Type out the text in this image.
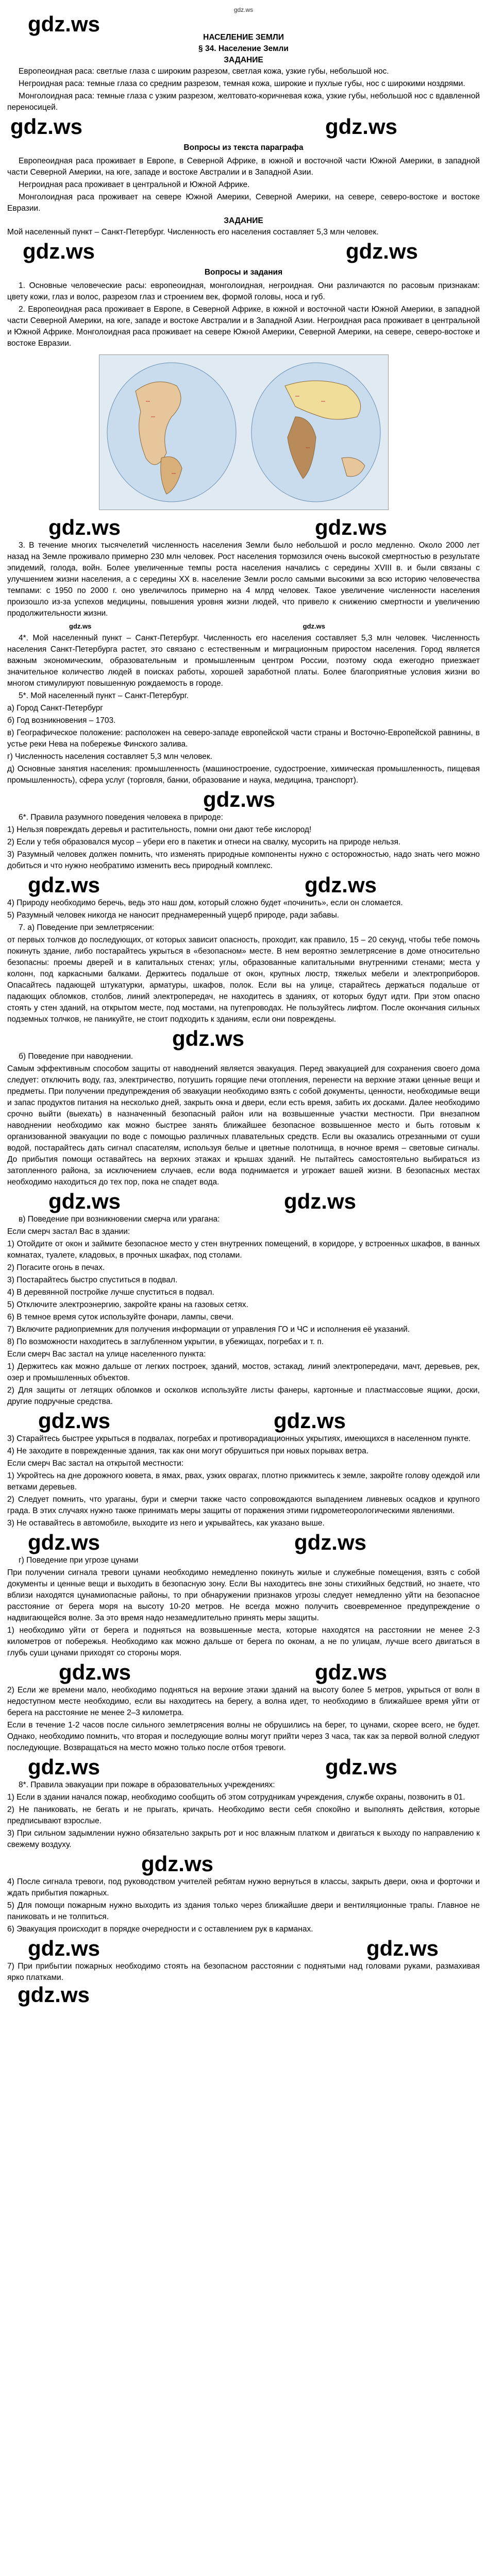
gdz.ws
gdz.ws
НАСЕЛЕНИЕ ЗЕМЛИ
§ 34. Население Земли
ЗАДАНИЕ

Европеоидная раса: светлые глаза с широким разрезом, светлая кожа, узкие губы, небольшой нос.

Негроидная раса: темные глаза со средним разрезом, темная кожа, широкие и пухлые губы, нос с широкими ноздрями.

Монголоидная раса: темные глаза с узким разрезом, желтовато-коричневая кожа, узкие губы, небольшой нос с вдавленной переносицей.

gdz.ws	gdz.ws
Вопросы из текста параграфа

Европеоидная раса проживает в Европе, в Северной Африке, в южной и восточной части Южной Америки, в западной части Северной Америки, на юге, западе и востоке Австралии и в Западной Азии.

Негроидная раса проживает в центральной и Южной Африке.

Монголоидная раса проживает на севере Южной Америки, Северной Америки, на севере, северо-востоке и востоке Евразии.

ЗАДАНИЕ

Мой населенный пункт – Санкт-Петербург. Численность его населения составляет 5,3 млн человек.

gdz.ws	gdz.ws
Вопросы и задания

1. Основные человеческие расы: европеоидная, монголоидная, негроидная. Они различаются по расовым признакам: цвету кожи, глаз и волос, разрезом глаз и строением век, формой головы, носа и губ.

2. Европеоидная раса проживает в Европе, в Северной Африке, в южной и восточной части Южной Америки, в западной части Северной Америки, на юге, западе и востоке Австралии и в Западной Азии. Негроидная раса проживает в центральной и Южной Африке. Монголоидная раса проживает на севере Южной Америки, Северной Америки, на севере, северо-востоке и востоке Евразии.

gdz.ws	gdz.ws

3. В течение многих тысячелетий численность населения Земли было небольшой и росло медленно. Около 2000 лет назад на Земле проживало примерно 230 млн человек. Рост населения тормозился очень высокой смертностью в результате эпидемий, голода, войн. Более увеличенные темпы роста населения начались с середины XVIII в. и были связаны с улучшением жизни населения, а с середины XX в. население Земли росло самыми высокими за всю историю человечества темпами: с 1950 по 2000 г. оно увеличилось примерно на 4 млрд человек. Такое увеличение численности населения произошло из-за успехов медицины, повышения уровня жизни людей, что привело к снижению смертности и увеличению продолжительности жизни.

gdz.ws	gdz.ws

4*. Мой населенный пункт – Санкт-Петербург. Численность его населения составляет 5,3 млн человек. Численность населения Санкт-Петербурга растет, это связано с естественным и миграционным приростом населения. Город является важным экономическим, образовательным и промышленным центром России, поэтому сюда ежегодно приезжает значительное количество людей в поисках работы, хорошей заработной платы. Более благоприятные условия жизни во многом стимулируют повышенную рождаемость в городе.

5*. Мой населенный пункт – Санкт-Петербург.

а) Город Санкт-Петербург
б) Год возникновения – 1703.
в) Географическое положение: расположен на северо-западе европейской части страны и Восточно-Европейской равнины, в устье реки Нева на побережье Финского залива.
г) Численность населения составляет 5,3 млн человек.
д) Основные занятия населения: промышленность (машиностроение, судостроение, химическая промышленность, пищевая промышленность), сфера услуг (торговля, банки, образование и наука, медицина, транспорт).
gdz.ws

6*. Правила разумного поведения человека в природе:

1) Нельзя повреждать деревья и растительность, помни они дают тебе кислород!
2) Если у тебя образовался мусор – убери его в пакетик и отнеси на свалку, мусорить на природе нельзя.
3) Разумный человек должен помнить, что изменять природные компоненты нужно с осторожностью, надо знать чего можно добиться и что нужно необратимо изменить весь природный комплекс.
gdz.ws	gdz.ws
4) Природу необходимо беречь, ведь это наш дом, который сложно будет «починить», если он сломается.
5) Разумный человек никогда не наносит преднамеренный ущерб природе, ради забавы.

7. а) Поведение при землетрясении:

от первых толчков до последующих, от которых зависит опасность, проходит, как правило, 15 – 20 секунд, чтобы тебе помочь покинуть здание, либо постарайтесь укрыться в «безопасном» месте. В нем вероятно землетрясение в доме относительно безопасны: проемы дверей и в капитальных стенах; углы, образованные капитальными внутренними стенами; места у колонн, под каркасными балками. Держитесь подальше от окон, крупных люстр, тяжелых мебели и электроприборов. Опасайтесь падающей штукатурки, арматуры, шкафов, полок. Если вы на улице, старайтесь держаться подальше от падающих обломков, столбов, линий электропередач, не находитесь в зданиях, от которых будут идти. При этом опасно стоять у стен зданий, на открытом месте, под мостами, на путепроводах. Не пользуйтесь лифтом. После окончания сильных подземных толчков, не паникуйте, не стоит подходить к зданиям, если они повреждены.

gdz.ws

б) Поведение при наводнении.

Самым эффективным способом защиты от наводнений является эвакуация. Перед эвакуацией для сохранения своего дома следует: отключить воду, газ, электричество, потушить горящие печи отопления, перенести на верхние этажи ценные вещи и предметы. При получении предупреждения об эвакуации необходимо взять с собой документы, ценности, необходимые вещи и запас продуктов питания на несколько дней, закрыть окна и двери, если есть время, забить их досками. Далее необходимо срочно выйти (выехать) в назначенный безопасный район или на возвышенные участки местности. При внезапном наводнении необходимо как можно быстрее занять ближайшее безопасное возвышенное место и быть готовым к организованной эвакуации по воде с помощью различных плавательных средств. Если вы оказались отрезанными от суши водой, постарайтесь дать сигнал спасателям, используя белые и цветные полотнища, в ночное время – световые сигналы. До прибытия помощи оставайтесь на верхних этажах и крышах зданий. Не пытайтесь самостоятельно выбираться из затопленного района, за исключением случаев, если вода поднимается и угрожает вашей жизни. В безопасных местах необходимо находиться до тех пор, пока не спадет вода.

gdz.ws	gdz.ws

в) Поведение при возникновении смерча или урагана:

Если смерч застал Вас в здании:

1) Отойдите от окон и займите безопасное место у стен внутренних помещений, в коридоре, у встроенных шкафов, в ванных комнатах, туалете, кладовых, в прочных шкафах, под столами.
2) Погасите огонь в печах.
3) Постарайтесь быстро спуститься в подвал.
4) В деревянной постройке лучше спуститься в подвал.
5) Отключите электроэнергию, закройте краны на газовых сетях.
6) В темное время суток используйте фонари, лампы, свечи.
7) Включите радиоприемник для получения информации от управления ГО и ЧС и исполнения её указаний.
8) По возможности находитесь в заглубленном укрытии, в убежищах, погребах и т. п.

Если смерч Вас застал на улице населенного пункта:

1) Держитесь как можно дальше от легких построек, зданий, мостов, эстакад, линий электропередачи, мачт, деревьев, рек, озер и промышленных объектов.
2) Для защиты от летящих обломков и осколков используйте листы фанеры, картонные и пластмассовые ящики, доски, другие подручные средства.
gdz.ws	gdz.ws
3) Старайтесь быстрее укрыться в подвалах, погребах и противорадиационных укрытиях, имеющихся в населенном пункте.
4) Не заходите в поврежденные здания, так как они могут обрушиться при новых порывах ветра.

Если смерч Вас застал на открытой местности:

1) Укройтесь на дне дорожного кювета, в ямах, рвах, узких оврагах, плотно прижмитесь к земле, закройте голову одеждой или ветками деревьев.
2) Следует помнить, что ураганы, бури и смерчи также часто сопровождаются выпадением ливневых осадков и крупного града. В этих случаях нужно также принимать меры защиты от поражения этими гидрометеорологическими явлениями.
3) Не оставайтесь в автомобиле, выходите из него и укрывайтесь, как указано выше.
gdz.ws	gdz.ws

г) Поведение при угрозе цунами

При получении сигнала тревоги цунами необходимо немедленно покинуть жилые и служебные помещения, взять с собой документы и ценные вещи и выходить в безопасную зону. Если Вы находитесь вне зоны стихийных бедствий, но знаете, что вблизи находятся цунамиопасные районы, то при обнаружении признаков угрозы следует немедленно уйти на безопасное расстояние от берега моря на высоту 10-20 метров. Не всегда можно получить своевременное предупреждение о надвигающейся волне. За это время надо незамедлительно принять меры защиты.

1) необходимо уйти от берега и подняться на возвышенные места, которые находятся на расстоянии не менее 2-3 километров от побережья. Необходимо как можно дальше от берега по оконам, а не по улицам, лучше всего двигаться в глубь суши цунами приходят со стороны моря.
gdz.ws	gdz.ws
2) Если же времени мало, необходимо подняться на верхние этажи зданий на высоту более 5 метров, укрыться от волн в недоступном месте необходимо, если вы находитесь на берегу, а волна идет, то необходимо в ближайшее время уйти от берега на расстояние не менее 2–3 километра.

Если в течение 1-2 часов после сильного землетрясения волны не обрушились на берег, то цунами, скорее всего, не будет. Однако, необходимо помнить, что вторая и последующие волны могут прийти через 3 часа, так как за первой волной следуют последующие. Возвращаться на место можно только после отбоя тревоги.

gdz.ws	gdz.ws

8*. Правила эвакуации при пожаре в образовательных учреждениях:

1) Если в здании начался пожар, необходимо сообщить об этом сотрудникам учреждения, службе охраны, позвонить в 01.
2) Не паниковать, не бегать и не прыгать, кричать. Необходимо вести себя спокойно и выполнять действия, которые предписывают взрослые.
3) При сильном задымлении нужно обязательно закрыть рот и нос влажным платком и двигаться к выходу по направлению к свежему воздуху.
gdz.ws
4) После сигнала тревоги, под руководством учителей ребятам нужно вернуться в классы, закрыть двери, окна и форточки и ждать прибытия пожарных.
5) Для помощи пожарным нужно выходить из здания только через ближайшие двери и вентиляционные трапы. Главное не паниковать и не толпиться.
6) Эвакуация происходит в порядке очередности и с оставлением рук в карманах.
gdz.ws	gdz.ws
7) При прибытии пожарных необходимо стоять на безопасном расстоянии с поднятыми над головами руками, размахивая ярко платками.
gdz.ws
